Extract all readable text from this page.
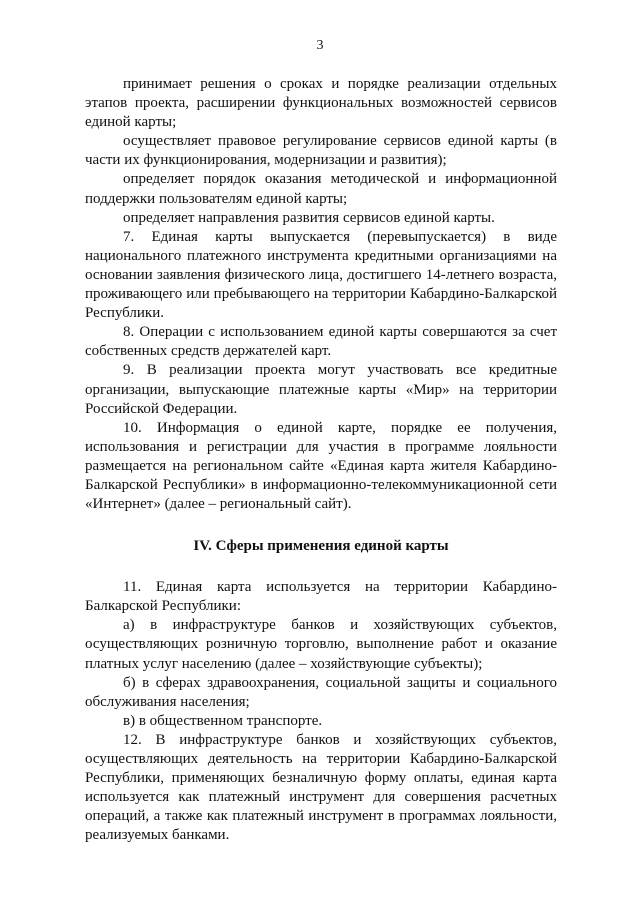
3

принимает решения о сроках и порядке реализации отдельных этапов проекта, расширении функциональных возможностей сервисов единой карты;

осуществляет правовое регулирование сервисов единой карты (в части их функционирования, модернизации и развития);

определяет порядок оказания методической и информационной поддержки пользователям единой карты;

определяет направления развития сервисов единой карты.

7. Единая карты выпускается (перевыпускается) в виде национального платежного инструмента кредитными организациями на основании заявления физического лица, достигшего 14-летнего возраста, проживающего или пребывающего на территории Кабардино-Балкарской Республики.

8. Операции с использованием единой карты совершаются за счет собственных средств держателей карт.

9. В реализации проекта могут участвовать все кредитные организации, выпускающие платежные карты «Мир» на территории Российской Федерации.

10. Информация о единой карте, порядке ее получения, использования и регистрации для участия в программе лояльности размещается на региональном сайте «Единая карта жителя Кабардино-Балкарской Республики» в информационно-телекоммуникационной сети «Интернет» (далее – региональный сайт).

IV. Сферы применения единой карты

11. Единая карта используется на территории Кабардино-Балкарской Республики:

а) в инфраструктуре банков и хозяйствующих субъектов, осуществляющих розничную торговлю, выполнение работ и оказание платных услуг населению (далее – хозяйствующие субъекты);

б) в сферах здравоохранения, социальной защиты и социального обслуживания населения;

в) в общественном транспорте.

12. В инфраструктуре банков и хозяйствующих субъектов, осуществляющих деятельность на территории Кабардино-Балкарской Республики, применяющих безналичную форму оплаты, единая карта используется как платежный инструмент для совершения расчетных операций, а также как платежный инструмент в программах лояльности, реализуемых банками.
